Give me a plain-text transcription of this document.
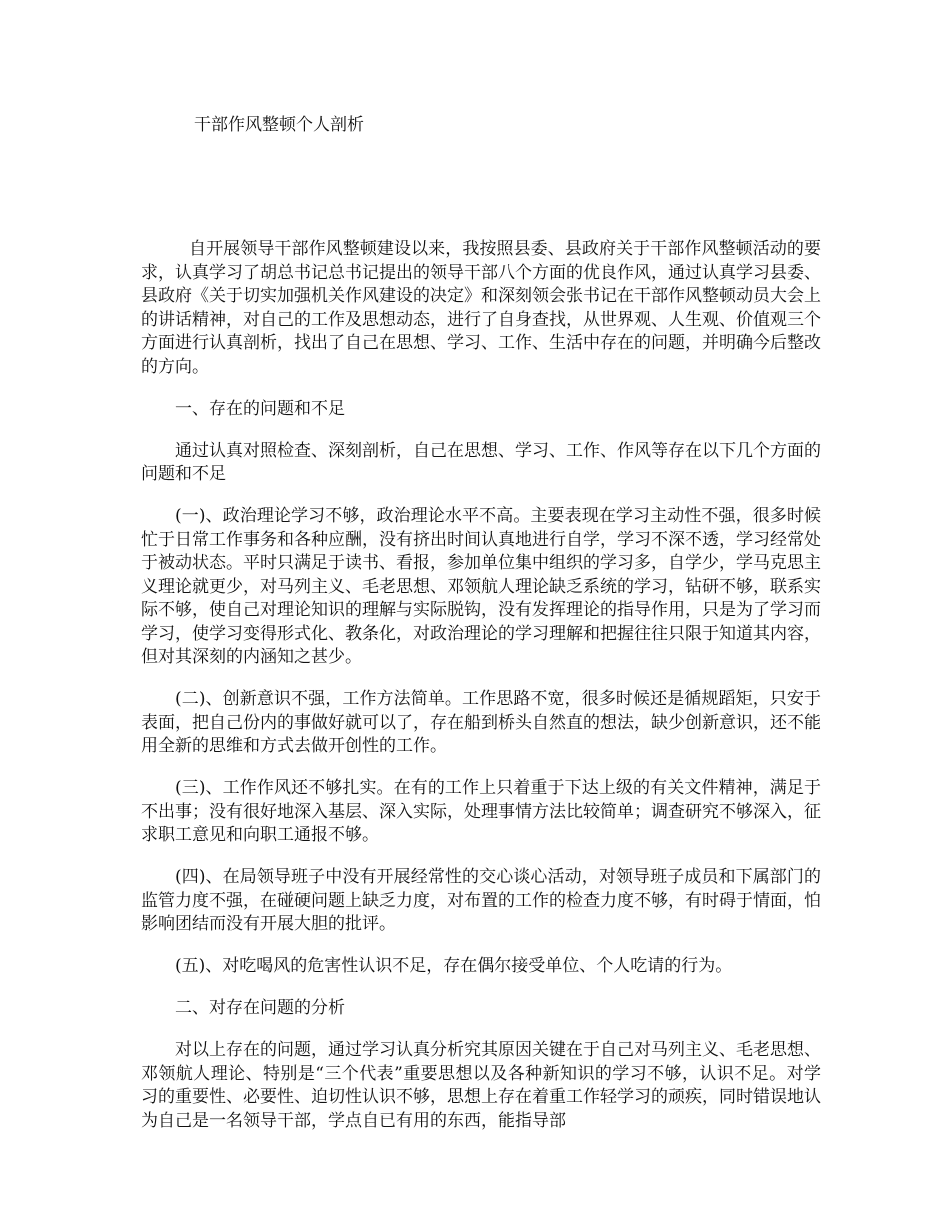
干部作风整顿个人剖析

自开展领导干部作风整顿建设以来，我按照县委、县政府关于干部作风整顿活动的要求，认真学习了胡总书记总书记提出的领导干部八个方面的优良作风，通过认真学习县委、县政府《关于切实加强机关作风建设的决定》和深刻领会张书记在干部作风整顿动员大会上的讲话精神，对自己的工作及思想动态，进行了自身查找，从世界观、人生观、价值观三个方面进行认真剖析，找出了自己在思想、学习、工作、生活中存在的问题，并明确今后整改的方向。

一、存在的问题和不足

通过认真对照检查、深刻剖析，自己在思想、学习、工作、作风等存在以下几个方面的问题和不足

(一)、政治理论学习不够，政治理论水平不高。主要表现在学习主动性不强，很多时候忙于日常工作事务和各种应酬，没有挤出时间认真地进行自学，学习不深不透，学习经常处于被动状态。平时只满足于读书、看报，参加单位集中组织的学习多，自学少，学马克思主义理论就更少，对马列主义、毛老思想、邓领航人理论缺乏系统的学习，钻研不够，联系实际不够，使自己对理论知识的理解与实际脱钩，没有发挥理论的指导作用，只是为了学习而学习，使学习变得形式化、教条化，对政治理论的学习理解和把握往往只限于知道其内容，但对其深刻的内涵知之甚少。

(二)、创新意识不强，工作方法简单。工作思路不宽，很多时候还是循规蹈矩，只安于表面，把自己份内的事做好就可以了，存在船到桥头自然直的想法，缺少创新意识，还不能用全新的思维和方式去做开创性的工作。

(三)、工作作风还不够扎实。在有的工作上只着重于下达上级的有关文件精神，满足于不出事；没有很好地深入基层、深入实际，处理事情方法比较简单；调查研究不够深入，征求职工意见和向职工通报不够。

(四)、在局领导班子中没有开展经常性的交心谈心活动，对领导班子成员和下属部门的监管力度不强，在碰硬问题上缺乏力度，对布置的工作的检查力度不够，有时碍于情面，怕影响团结而没有开展大胆的批评。

(五)、对吃喝风的危害性认识不足，存在偶尔接受单位、个人吃请的行为。

二、对存在问题的分析

对以上存在的问题，通过学习认真分析究其原因关键在于自己对马列主义、毛老思想、邓领航人理论、特别是“三个代表”重要思想以及各种新知识的学习不够，认识不足。对学习的重要性、必要性、迫切性认识不够，思想上存在着重工作轻学习的顽疾，同时错误地认为自己是一名领导干部，学点自已有用的东西，能指导部
